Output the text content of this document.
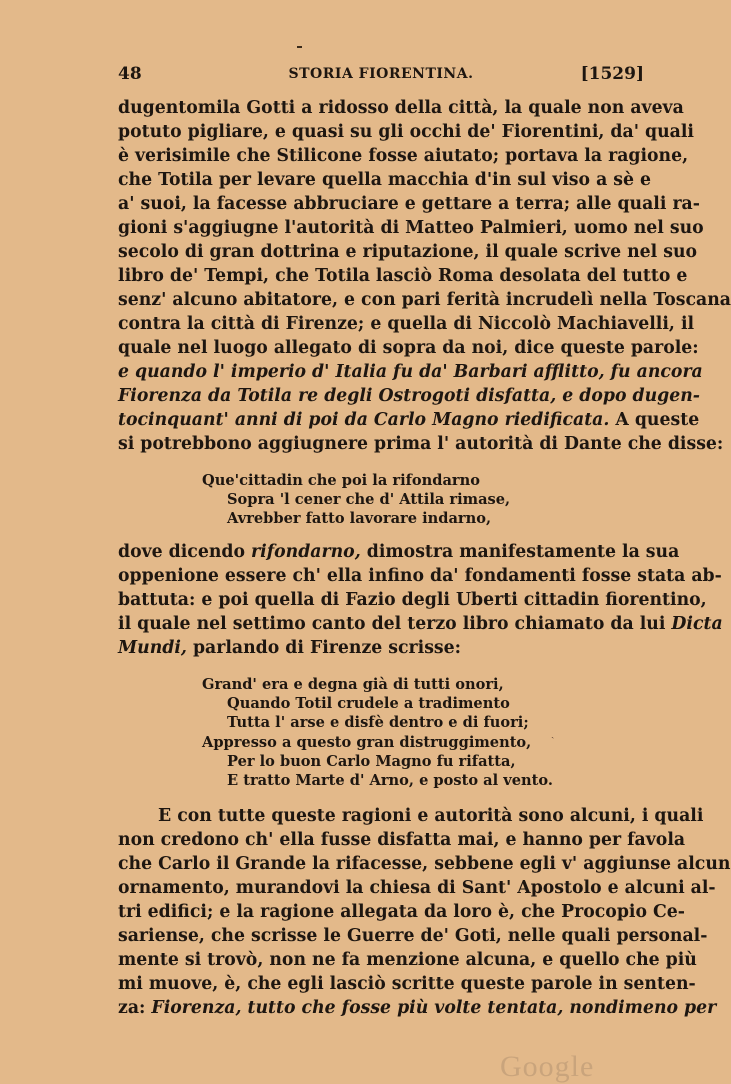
48	STORIA FIORENTINA.	[1529]
dugentomila Gotti a ridosso della città, la quale non aveva
potuto pigliare, e quasi su gli occhi de' Fiorentini, da' quali
è verisimile che Stilicone fosse aiutato; portava la ragione,
che Totila per levare quella macchia d'in sul viso a sè e
a' suoi, la facesse abbruciare e gettare a terra; alle quali ra-
gioni s'aggiugne l'autorità di Matteo Palmieri, uomo nel suo
secolo di gran dottrina e riputazione, il quale scrive nel suo
libro de' Tempi, che Totila lasciò Roma desolata del tutto e
senz' alcuno abitatore, e con pari ferità incrudelì nella Toscana
contra la città di Firenze; e quella di Niccolò Machiavelli, il
quale nel luogo allegato di sopra da noi, dice queste parole:
e quando l' imperio d' Italia fu da' Barbari afflitto, fu ancora
Fiorenza da Totila re degli Ostrogoti disfatta, e dopo dugen-
tocinquant' anni di poi da Carlo Magno riedificata. A queste
si potrebbono aggiugnere prima l' autorità di Dante che disse:
Que'cittadin che poi la rifondarno
Sopra 'l cener che d' Attila rimase,
Avrebber fatto lavorare indarno,
dove dicendo rifondarno, dimostra manifestamente la sua
oppenione essere ch' ella infino da' fondamenti fosse stata ab-
battuta: e poi quella di Fazio degli Uberti cittadin fiorentino,
il quale nel settimo canto del terzo libro chiamato da lui Dicta
Mundi, parlando di Firenze scrisse:
Grand' era e degna già di tutti onori,
Quando Totil crudele a tradimento
Tutta l' arse e disfè dentro e di fuori;
Appresso a questo gran distruggimento,
Per lo buon Carlo Magno fu rifatta,
E tratto Marte d' Arno, e posto al vento.
ˎ
E con tutte queste ragioni e autorità sono alcuni, i quali
non credono ch' ella fusse disfatta mai, e hanno per favola
che Carlo il Grande la rifacesse, sebbene egli v' aggiunse alcun
ornamento, murandovi la chiesa di Sant' Apostolo e alcuni al-
tri edifici; e la ragione allegata da loro è, che Procopio Ce-
sariense, che scrisse le Guerre de' Goti, nelle quali personal-
mente si trovò, non ne fa menzione alcuna, e quello che più
mi muove, è, che egli lasciò scritte queste parole in senten-
za: Fiorenza, tutto che fosse più volte tentata, nondimeno per
Google
